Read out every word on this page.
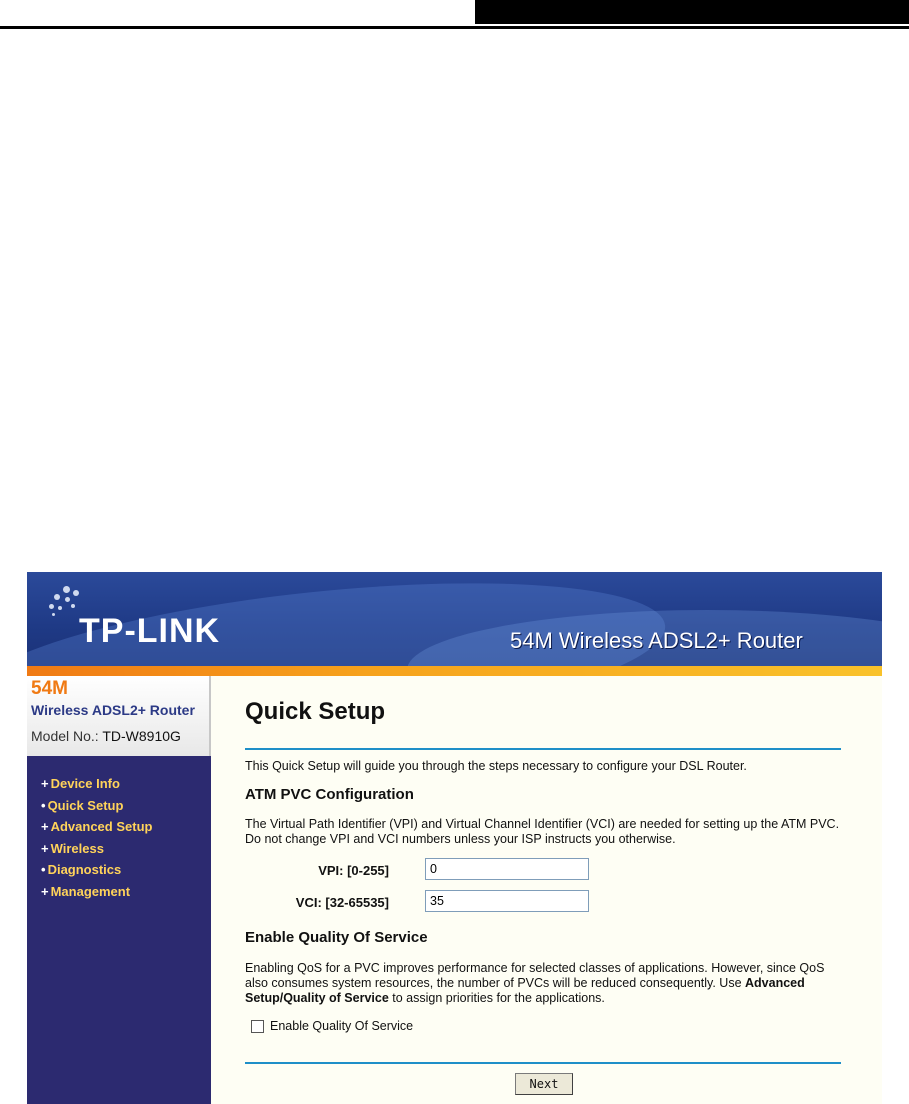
TP-LINK	54M Wireless ADSL2+ Router
54M
Wireless ADSL2+ Router
Model No.: TD-W8910G
+ Device Info
• Quick Setup
+ Advanced Setup
+ Wireless
• Diagnostics
+ Management
Quick Setup
This Quick Setup will guide you through the steps necessary to configure your DSL Router.
ATM PVC Configuration
The Virtual Path Identifier (VPI) and Virtual Channel Identifier (VCI) are needed for setting up the ATM PVC. Do not change VPI and VCI numbers unless your ISP instructs you otherwise.
VPI: [0-255]
0
VCI: [32-65535]
35
Enable Quality Of Service
Enabling QoS for a PVC improves performance for selected classes of applications. However, since QoS also consumes system resources, the number of PVCs will be reduced consequently. Use Advanced Setup/Quality of Service to assign priorities for the applications.
Enable Quality Of Service
Next
